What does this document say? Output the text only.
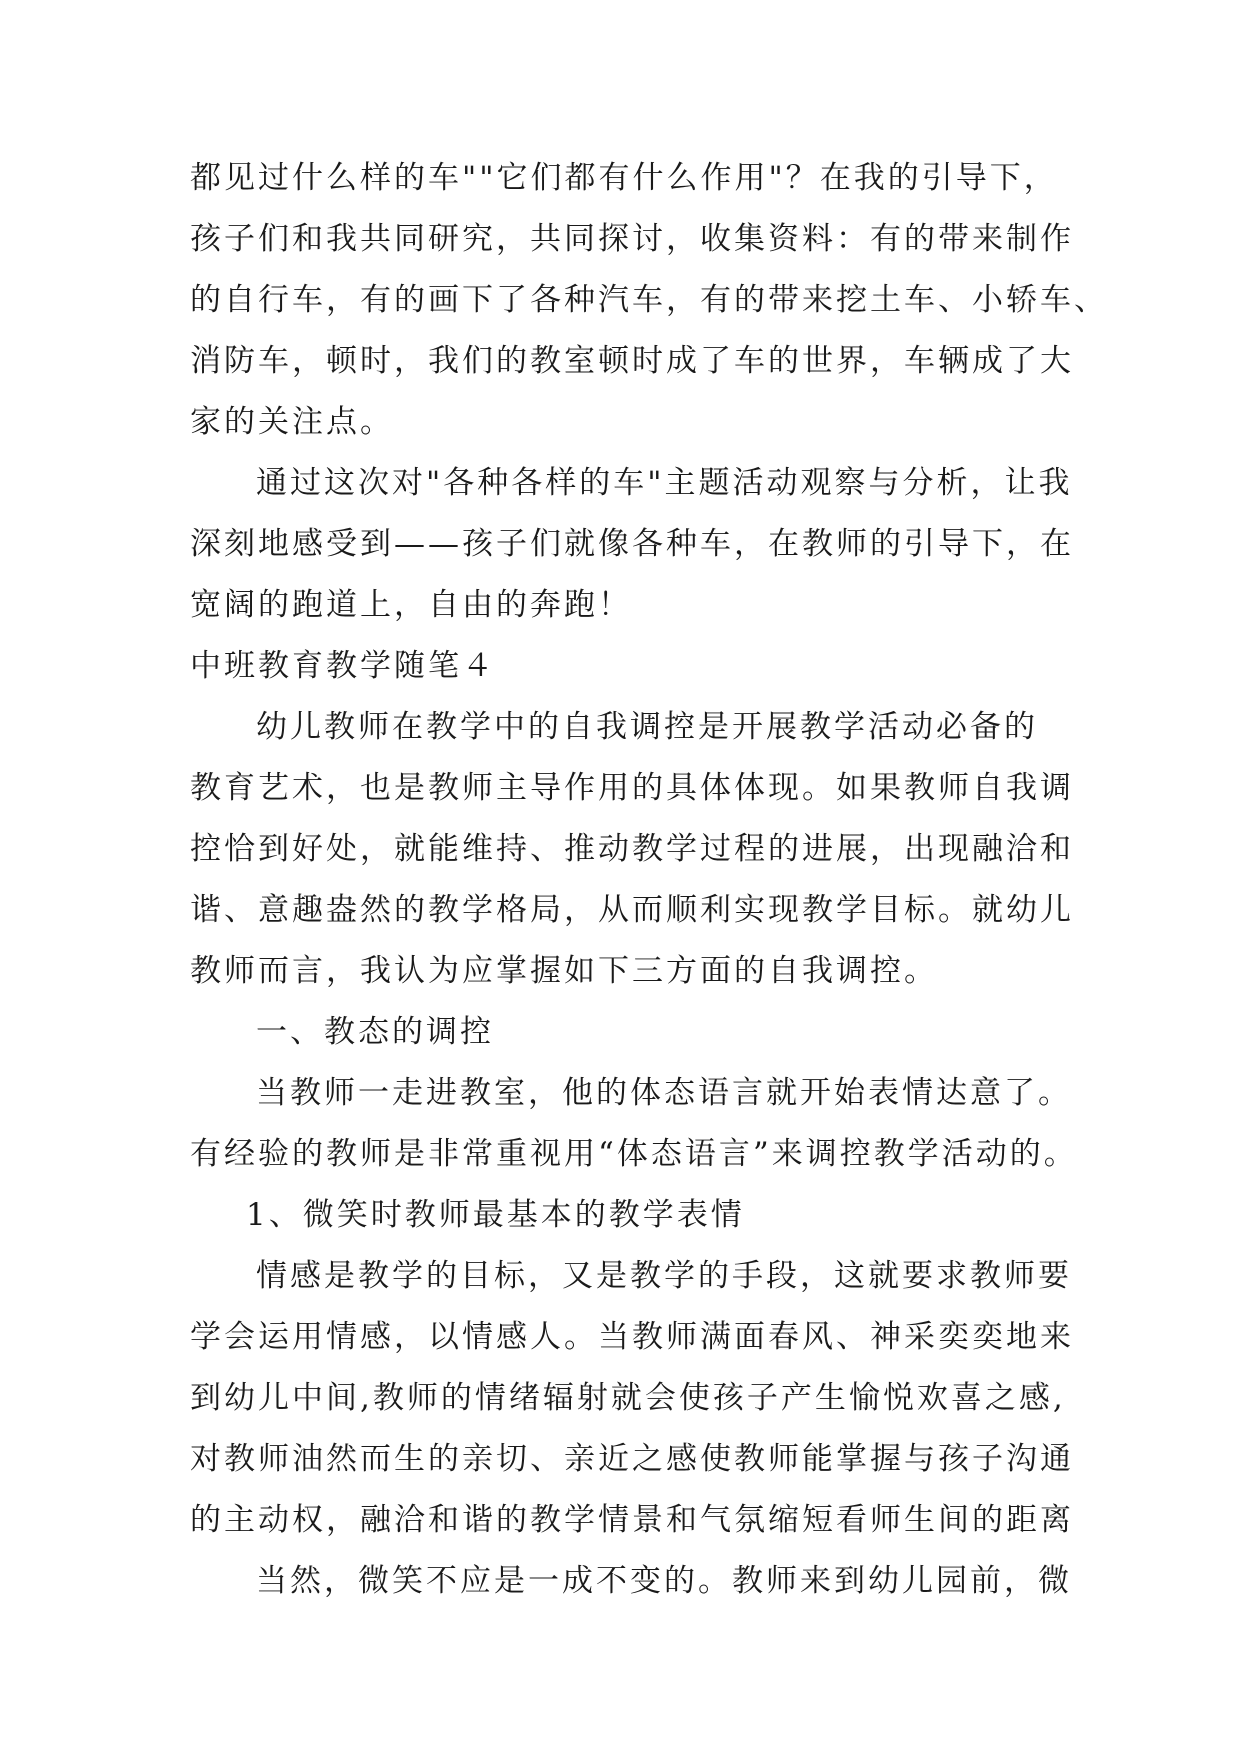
都见过什么样的车""它们都有什么作用"？在我的引导下，
孩子们和我共同研究，共同探讨，收集资料：有的带来制作
的自行车，有的画下了各种汽车，有的带来挖土车、小轿车、
消防车，顿时，我们的教室顿时成了车的世界，车辆成了大
家的关注点。
通过这次对"各种各样的车"主题活动观察与分析，让我
深刻地感受到——孩子们就像各种车，在教师的引导下，在
宽阔的跑道上，自由的奔跑！
中班教育教学随笔４
幼儿教师在教学中的自我调控是开展教学活动必备的
教育艺术，也是教师主导作用的具体体现。如果教师自我调
控恰到好处，就能维持、推动教学过程的进展，出现融洽和
谐、意趣盎然的教学格局，从而顺利实现教学目标。就幼儿
教师而言，我认为应掌握如下三方面的自我调控。
一、教态的调控
当教师一走进教室，他的体态语言就开始表情达意了。
有经验的教师是非常重视用“体态语言”来调控教学活动的。
1、微笑时教师最基本的教学表情
情感是教学的目标，又是教学的手段，这就要求教师要
学会运用情感，以情感人。当教师满面春风、神采奕奕地来
到幼儿中间,教师的情绪辐射就会使孩子产生愉悦欢喜之感,
对教师油然而生的亲切、亲近之感使教师能掌握与孩子沟通
的主动权，融洽和谐的教学情景和气氛缩短看师生间的距离
当然，微笑不应是一成不变的。教师来到幼儿园前，微
